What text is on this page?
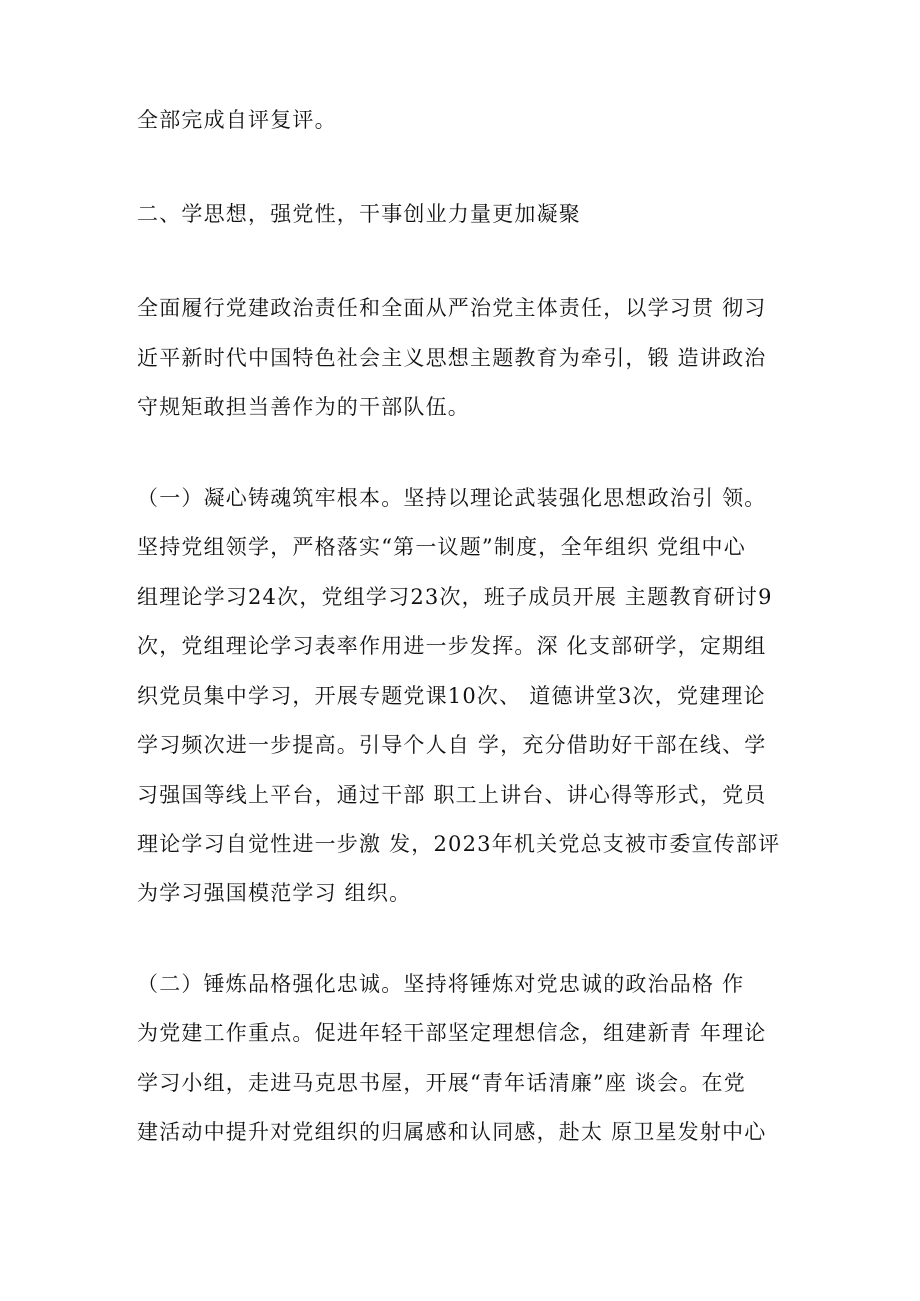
全部完成自评复评。
二、学思想，强党性，干事创业力量更加凝聚
全面履行党建政治责任和全面从严治党主体责任，以学习贯 彻习
近平新时代中国特色社会主义思想主题教育为牵引，锻 造讲政治
守规矩敢担当善作为的干部队伍。
（一）凝心铸魂筑牢根本。坚持以理论武装强化思想政治引 领。
坚持党组领学，严格落实“第一议题”制度，全年组织 党组中心
组理论学习24次，党组学习23次，班子成员开展 主题教育研讨9
次，党组理论学习表率作用进一步发挥。深 化支部研学，定期组
织党员集中学习，开展专题党课10次、 道德讲堂3次，党建理论
学习频次进一步提高。引导个人自 学，充分借助好干部在线、学
习强国等线上平台，通过干部 职工上讲台、讲心得等形式，党员
理论学习自觉性进一步激 发，2023年机关党总支被市委宣传部评
为学习强国模范学习 组织。
（二）锤炼品格强化忠诚。坚持将锤炼对党忠诚的政治品格 作
为党建工作重点。促进年轻干部坚定理想信念，组建新青 年理论
学习小组，走进马克思书屋，开展“青年话清廉”座 谈会。在党
建活动中提升对党组织的归属感和认同感，赴太 原卫星发射中心
